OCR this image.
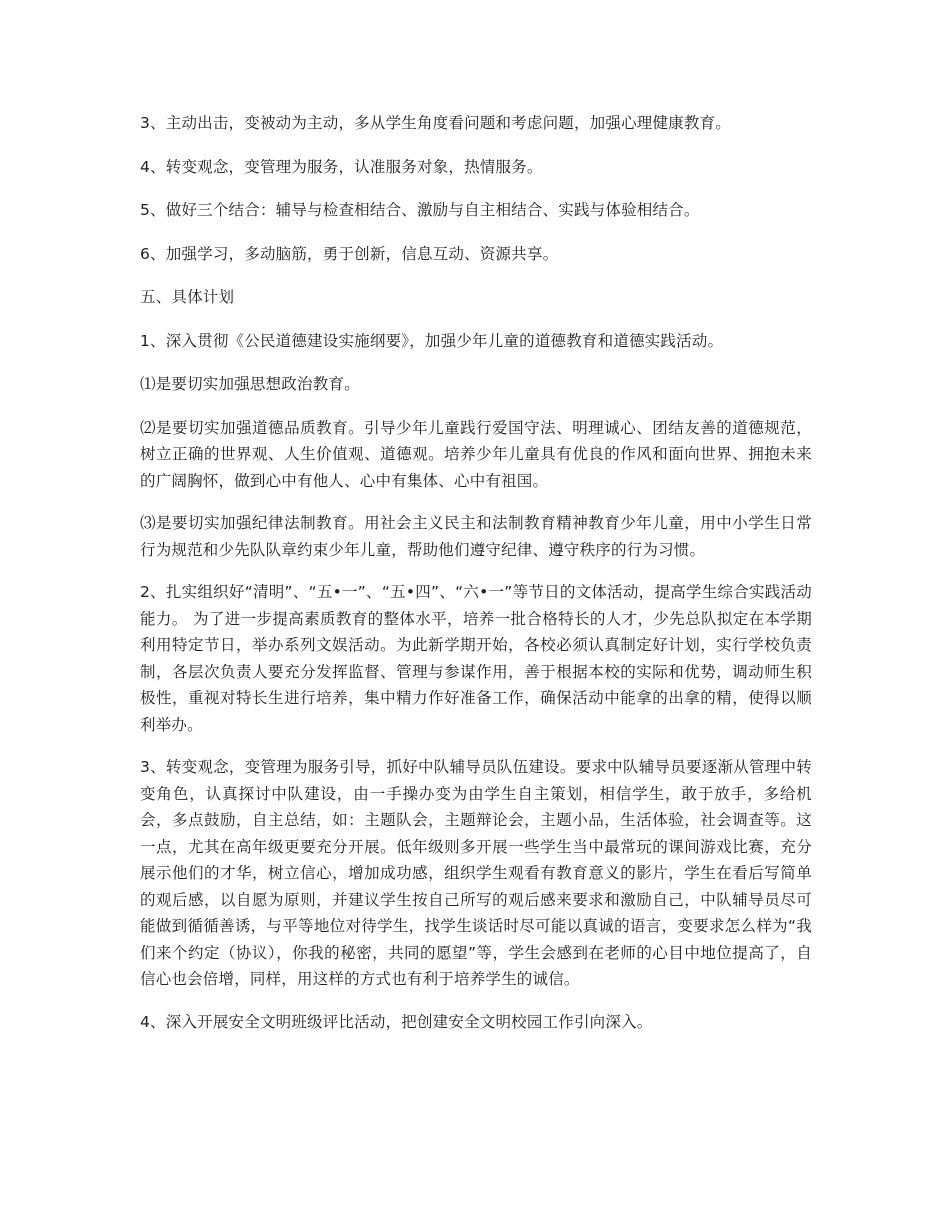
3、主动出击，变被动为主动，多从学生角度看问题和考虑问题，加强心理健康教育。

4、转变观念，变管理为服务，认准服务对象，热情服务。

5、做好三个结合：辅导与检查相结合、激励与自主相结合、实践与体验相结合。

6、加强学习，多动脑筋，勇于创新，信息互动、资源共享。

五、具体计划

1、深入贯彻《公民道德建设实施纲要》，加强少年儿童的道德教育和道德实践活动。

⑴是要切实加强思想政治教育。

⑵是要切实加强道德品质教育。引导少年儿童践行爱国守法、明理诚心、团结友善的道德规范，树立正确的世界观、人生价值观、道德观。培养少年儿童具有优良的作风和面向世界、拥抱未来的广阔胸怀，做到心中有他人、心中有集体、心中有祖国。

⑶是要切实加强纪律法制教育。用社会主义民主和法制教育精神教育少年儿童，用中小学生日常行为规范和少先队队章约束少年儿童，帮助他们遵守纪律、遵守秩序的行为习惯。

2、扎实组织好“清明”、“五•一”、“五•四”、“六•一”等节日的文体活动，提高学生综合实践活动能力。 为了进一步提高素质教育的整体水平，培养一批合格特长的人才，少先总队拟定在本学期利用特定节日，举办系列文娱活动。为此新学期开始，各校必须认真制定好计划，实行学校负责制，各层次负责人要充分发挥监督、管理与参谋作用，善于根据本校的实际和优势，调动师生积极性，重视对特长生进行培养，集中精力作好准备工作，确保活动中能拿的出拿的精，使得以顺利举办。

3、转变观念，变管理为服务引导，抓好中队辅导员队伍建设。要求中队辅导员要逐渐从管理中转变角色，认真探讨中队建设，由一手操办变为由学生自主策划，相信学生，敢于放手，多给机会，多点鼓励，自主总结，如：主题队会，主题辩论会，主题小品，生活体验，社会调查等。这一点，尤其在高年级更要充分开展。低年级则多开展一些学生当中最常玩的课间游戏比赛，充分展示他们的才华，树立信心，增加成功感，组织学生观看有教育意义的影片，学生在看后写简单的观后感，以自愿为原则，并建议学生按自己所写的观后感来要求和激励自己，中队辅导员尽可能做到循循善诱，与平等地位对待学生，找学生谈话时尽可能以真诚的语言，变要求怎么样为“我们来个约定（协议），你我的秘密，共同的愿望”等，学生会感到在老师的心目中地位提高了，自信心也会倍增，同样，用这样的方式也有利于培养学生的诚信。

4、深入开展安全文明班级评比活动，把创建安全文明校园工作引向深入。
